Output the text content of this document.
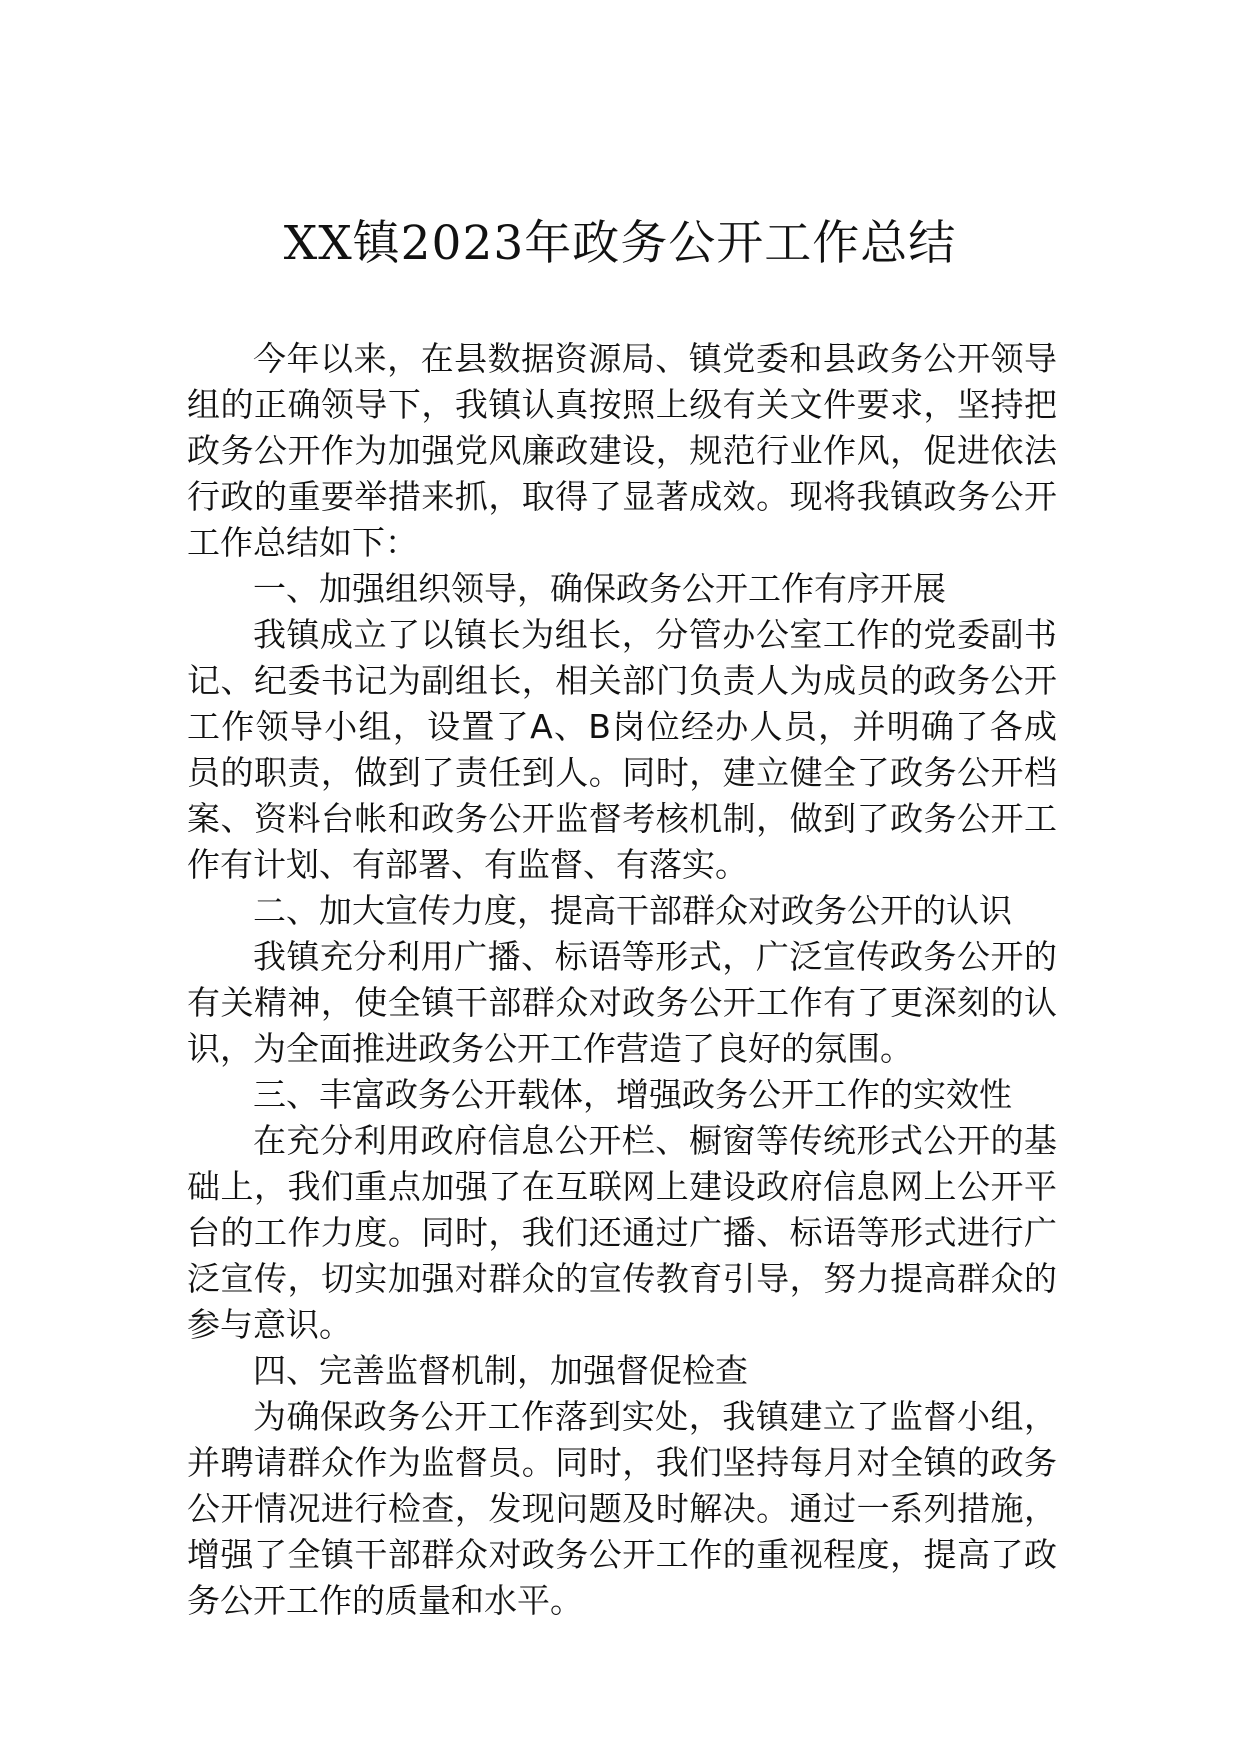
XX镇2023年政务公开工作总结

今年以来，在县数据资源局、镇党委和县政务公开领导组的正确领导下，我镇认真按照上级有关文件要求，坚持把政务公开作为加强党风廉政建设，规范行业作风，促进依法行政的重要举措来抓，取得了显著成效。现将我镇政务公开工作总结如下：

一、加强组织领导，确保政务公开工作有序开展

我镇成立了以镇长为组长，分管办公室工作的党委副书记、纪委书记为副组长，相关部门负责人为成员的政务公开工作领导小组，设置了A、B岗位经办人员，并明确了各成员的职责，做到了责任到人。同时，建立健全了政务公开档案、资料台帐和政务公开监督考核机制，做到了政务公开工作有计划、有部署、有监督、有落实。

二、加大宣传力度，提高干部群众对政务公开的认识

我镇充分利用广播、标语等形式，广泛宣传政务公开的有关精神，使全镇干部群众对政务公开工作有了更深刻的认识，为全面推进政务公开工作营造了良好的氛围。

三、丰富政务公开载体，增强政务公开工作的实效性

在充分利用政府信息公开栏、橱窗等传统形式公开的基础上，我们重点加强了在互联网上建设政府信息网上公开平台的工作力度。同时，我们还通过广播、标语等形式进行广泛宣传，切实加强对群众的宣传教育引导，努力提高群众的参与意识。

四、完善监督机制，加强督促检查

为确保政务公开工作落到实处，我镇建立了监督小组，并聘请群众作为监督员。同时，我们坚持每月对全镇的政务公开情况进行检查，发现问题及时解决。通过一系列措施，增强了全镇干部群众对政务公开工作的重视程度，提高了政务公开工作的质量和水平。
